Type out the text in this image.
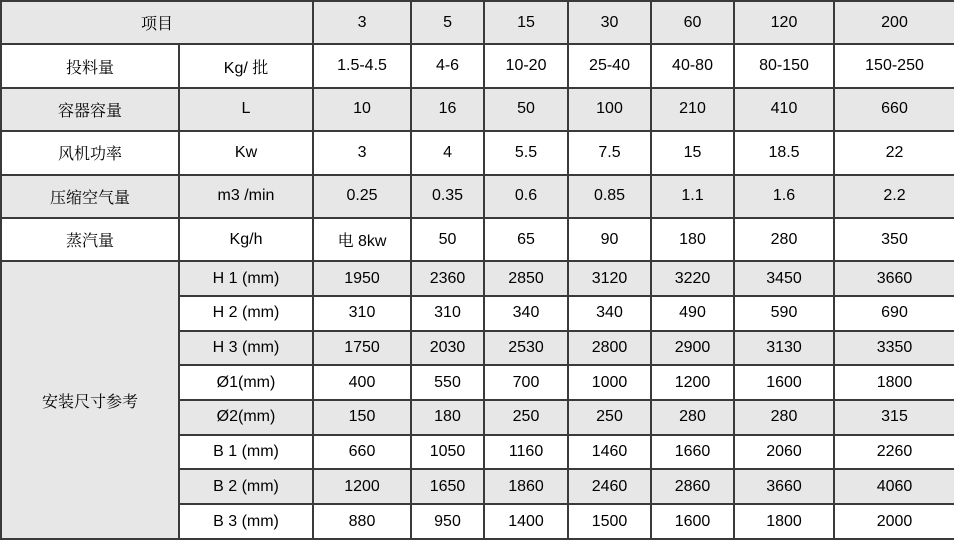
项目		3	5	15	30	60	120	200
投料量	Kg/ 批	1.5-4.5	4-6	10-20	25-40	40-80	80-150	150-250
容器容量	L	10	16	50	100	210	410	660
风机功率	Kw	3	4	5.5	7.5	15	18.5	22
压缩空气量	m3 /min	0.25	0.35	0.6	0.85	1.1	1.6	2.2
蒸汽量	Kg/h	电 8kw	50	65	90	180	280	350
安装尺寸参考	H 1 (mm)	1950	2360	2850	3120	3220	3450	3660
	H 2 (mm)	310	310	340	340	490	590	690
	H 3 (mm)	1750	2030	2530	2800	2900	3130	3350
	Ø1(mm)	400	550	700	1000	1200	1600	1800
	Ø2(mm)	150	180	250	250	280	280	315
	B 1 (mm)	660	1050	1160	1460	1660	2060	2260
	B 2 (mm)	1200	1650	1860	2460	2860	3660	4060
	B 3 (mm)	880	950	1400	1500	1600	1800	2000
